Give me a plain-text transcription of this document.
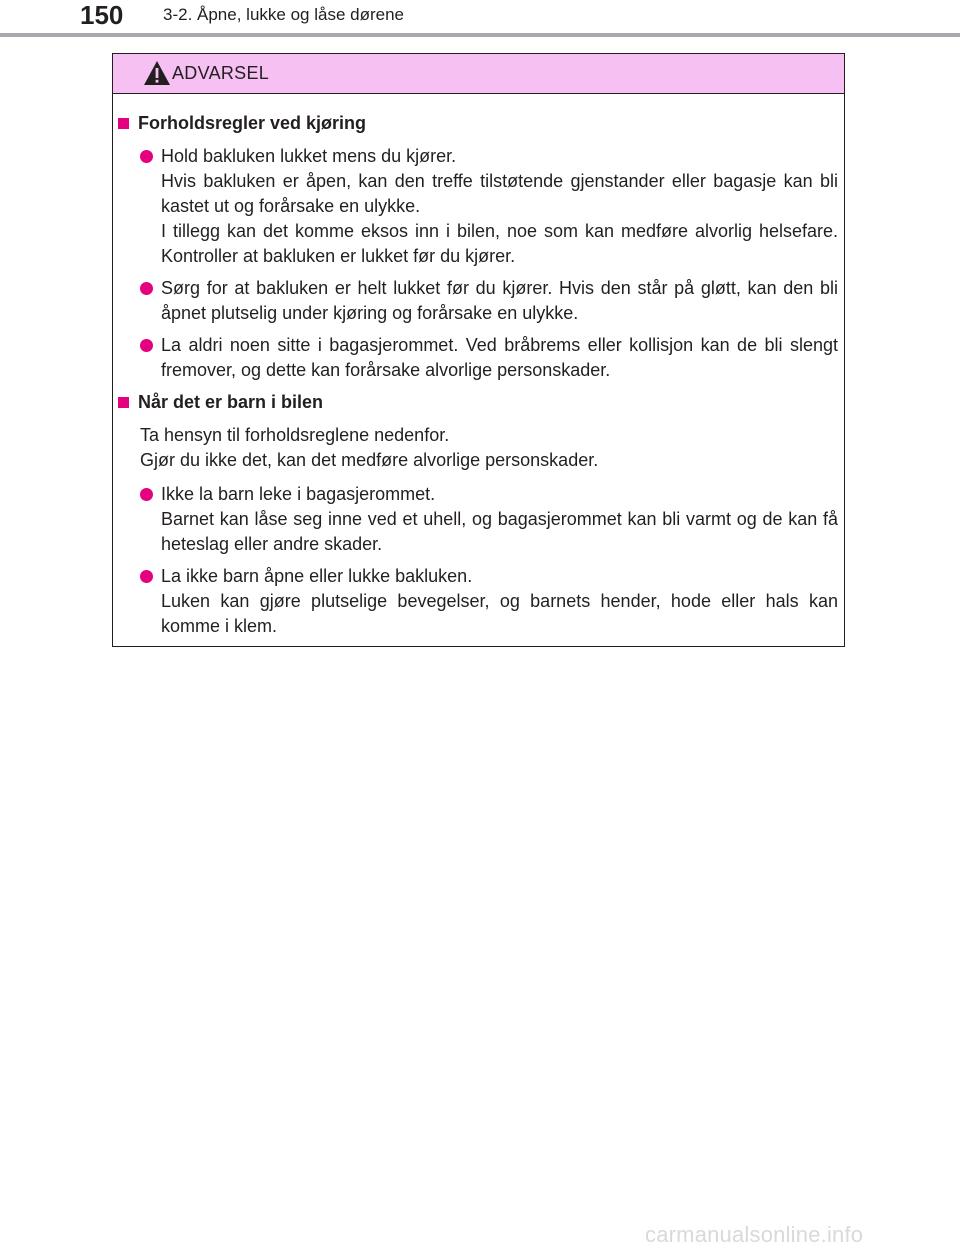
150 3-2. Åpne, lukke og låse dørene
ADVARSEL
Forholdsregler ved kjøring
Hold bakluken lukket mens du kjører.
Hvis bakluken er åpen, kan den treffe tilstøtende gjenstander eller bagasje kan bli kastet ut og forårsake en ulykke.
I tillegg kan det komme eksos inn i bilen, noe som kan medføre alvorlig helsefare. Kontroller at bakluken er lukket før du kjører.
Sørg for at bakluken er helt lukket før du kjører. Hvis den står på gløtt, kan den bli åpnet plutselig under kjøring og forårsake en ulykke.
La aldri noen sitte i bagasjerommet. Ved bråbrems eller kollisjon kan de bli slengt fremover, og dette kan forårsake alvorlige personskader.
Når det er barn i bilen
Ta hensyn til forholdsreglene nedenfor.
Gjør du ikke det, kan det medføre alvorlige personskader.
Ikke la barn leke i bagasjerommet.
Barnet kan låse seg inne ved et uhell, og bagasjerommet kan bli varmt og de kan få heteslag eller andre skader.
La ikke barn åpne eller lukke bakluken.
Luken kan gjøre plutselige bevegelser, og barnets hender, hode eller hals kan komme i klem.
carmanualsonline.info
